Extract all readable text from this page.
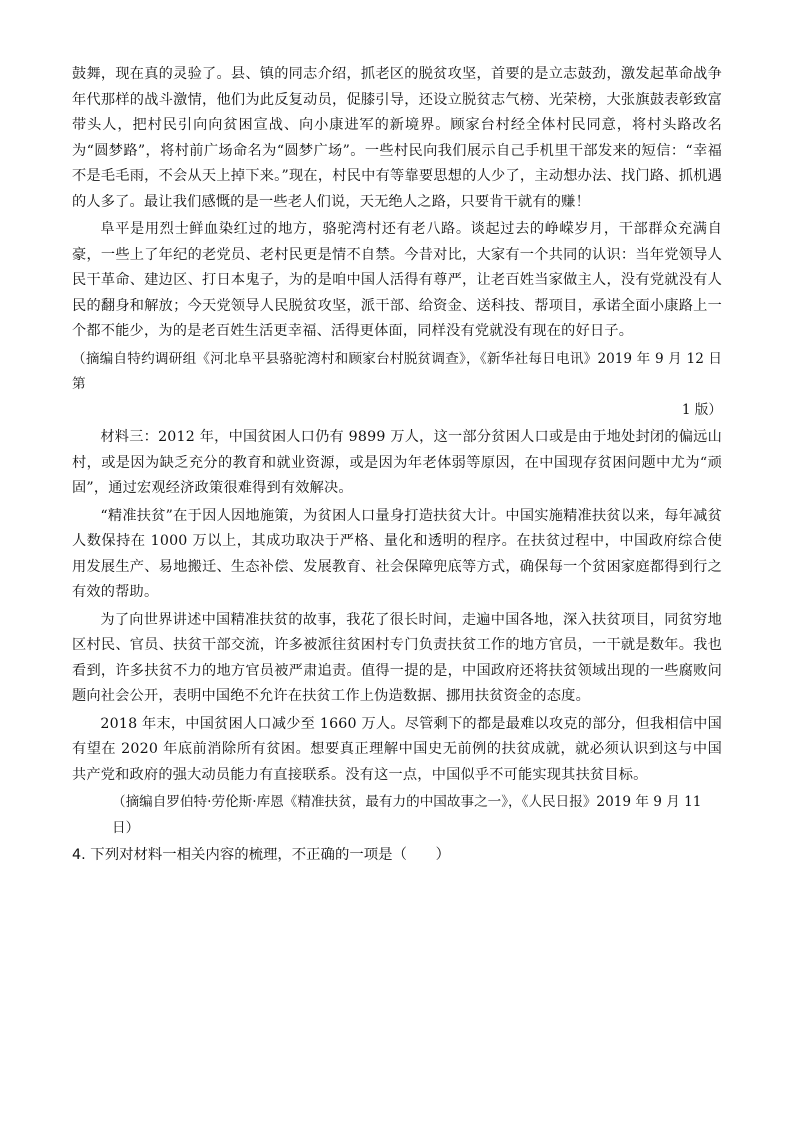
鼓舞，现在真的灵验了。县、镇的同志介绍，抓老区的脱贫攻坚，首要的是立志鼓劲，激发起革命战争年代那样的战斗激情，他们为此反复动员，促膝引导，还设立脱贫志气榜、光荣榜，大张旗鼓表彰致富带头人，把村民引向向贫困宣战、向小康进军的新境界。顾家台村经全体村民同意，将村头路改名为“圆梦路”，将村前广场命名为“圆梦广场”。一些村民向我们展示自己手机里干部发来的短信：“幸福不是毛毛雨，不会从天上掉下来。”现在，村民中有等靠要思想的人少了，主动想办法、找门路、抓机遇的人多了。最让我们感慨的是一些老人们说，天无绝人之路，只要肯干就有的赚！

阜平是用烈士鲜血染红过的地方，骆驼湾村还有老八路。谈起过去的峥嵘岁月，干部群众充满自豪，一些上了年纪的老党员、老村民更是情不自禁。今昔对比，大家有一个共同的认识：当年党领导人民干革命、建边区、打日本鬼子，为的是咱中国人活得有尊严，让老百姓当家做主人，没有党就没有人民的翻身和解放；今天党领导人民脱贫攻坚，派干部、给资金、送科技、帮项目，承诺全面小康路上一个都不能少，为的是老百姓生活更幸福、活得更体面，同样没有党就没有现在的好日子。

（摘编自特约调研组《河北阜平县骆驼湾村和顾家台村脱贫调查》，《新华社每日电讯》2019 年 9 月 12 日第

1 版）

材料三：2012 年，中国贫困人口仍有 9899 万人，这一部分贫困人口或是由于地处封闭的偏远山村，或是因为缺乏充分的教育和就业资源，或是因为年老体弱等原因，在中国现存贫困问题中尤为“顽固”，通过宏观经济政策很难得到有效解决。

“精准扶贫”在于因人因地施策，为贫困人口量身打造扶贫大计。中国实施精准扶贫以来，每年减贫人数保持在 1000 万以上，其成功取决于严格、量化和透明的程序。在扶贫过程中，中国政府综合使用发展生产、易地搬迁、生态补偿、发展教育、社会保障兜底等方式，确保每一个贫困家庭都得到行之有效的帮助。

为了向世界讲述中国精准扶贫的故事，我花了很长时间，走遍中国各地，深入扶贫项目，同贫穷地区村民、官员、扶贫干部交流，许多被派往贫困村专门负责扶贫工作的地方官员，一干就是数年。我也看到，许多扶贫不力的地方官员被严肃追责。值得一提的是，中国政府还将扶贫领域出现的一些腐败问题向社会公开，表明中国绝不允许在扶贫工作上伪造数据、挪用扶贫资金的态度。

2018 年末，中国贫困人口减少至 1660 万人。尽管剩下的都是最难以攻克的部分，但我相信中国有望在 2020 年底前消除所有贫困。想要真正理解中国史无前例的扶贫成就，就必须认识到这与中国共产党和政府的强大动员能力有直接联系。没有这一点，中国似乎不可能实现其扶贫目标。

（摘编自罗伯特·劳伦斯·库恩《精准扶贫，最有力的中国故事之一》，《人民日报》2019 年 9 月 11 日）

4. 下列对材料一相关内容的梳理，不正确的一项是（　　）
